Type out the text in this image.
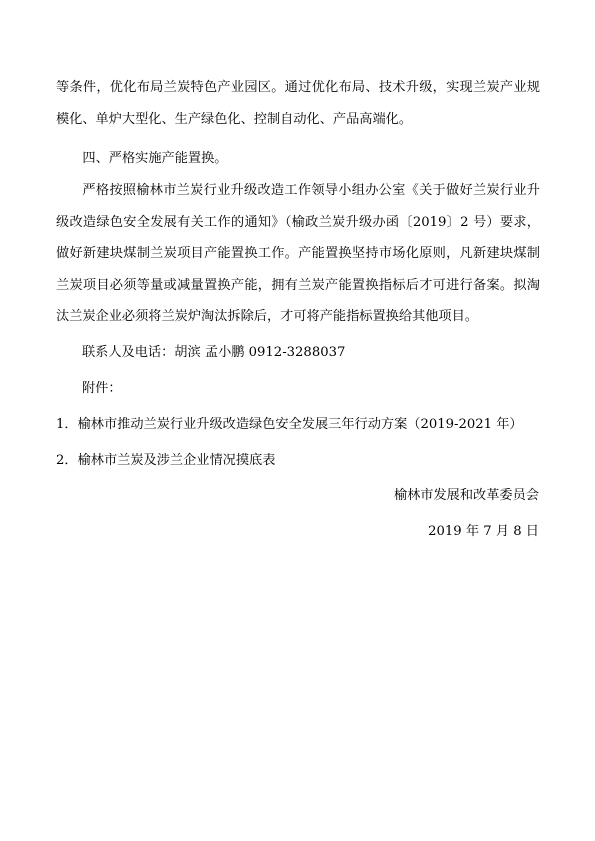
等条件，优化布局兰炭特色产业园区。通过优化布局、技术升级，实现兰炭产业规模化、单炉大型化、生产绿色化、控制自动化、产品高端化。

四、严格实施产能置换。

严格按照榆林市兰炭行业升级改造工作领导小组办公室《关于做好兰炭行业升级改造绿色安全发展有关工作的通知》（榆政兰炭升级办函〔2019〕2 号）要求，做好新建块煤制兰炭项目产能置换工作。产能置换坚持市场化原则，凡新建块煤制兰炭项目必须等量或减量置换产能，拥有兰炭产能置换指标后才可进行备案。拟淘汰兰炭企业必须将兰炭炉淘汰拆除后，才可将产能指标置换给其他项目。

联系人及电话：胡滨 孟小鹏 0912-3288037

附件：

1．榆林市推动兰炭行业升级改造绿色安全发展三年行动方案（2019-2021 年）

2．榆林市兰炭及涉兰企业情况摸底表

榆林市发展和改革委员会

2019 年 7 月 8 日
